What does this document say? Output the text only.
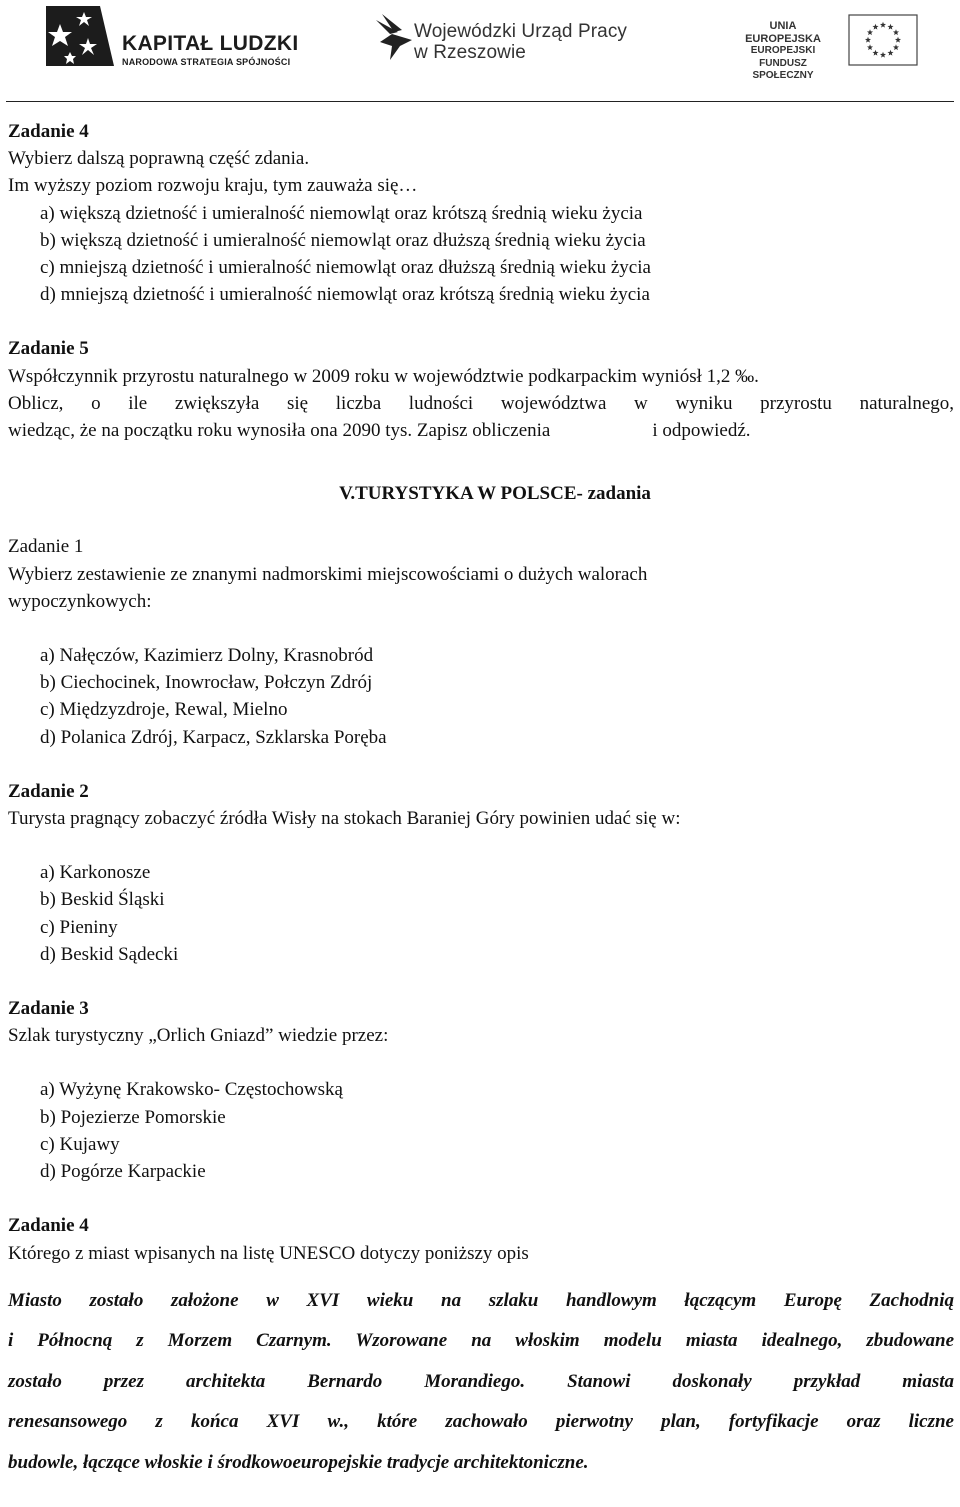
KAPITAŁ LUDZKI
NARODOWA STRATEGIA SPÓJNOŚCI
Wojewódzki Urząd Pracy
w Rzeszowie
UNIA EUROPEJSKA
EUROPEJSKI
FUNDUSZ SPOŁECZNY

Zadanie 4

Wybierz dalszą poprawną część zdania.

Im wyższy poziom rozwoju kraju, tym zauważa się…

a) większą dzietność i umieralność niemowląt oraz krótszą średnią wieku życia

b) większą dzietność i umieralność niemowląt oraz dłuższą średnią wieku życia

c) mniejszą dzietność i umieralność niemowląt oraz dłuższą średnią wieku życia

d) mniejszą dzietność i umieralność niemowląt oraz krótszą średnią wieku życia

Zadanie 5

Współczynnik przyrostu naturalnego w 2009 roku w województwie podkarpackim wyniósł 1,2 ‰.

Oblicz, o ile zwiększyła się liczba ludności województwa w wyniku przyrostu naturalnego,

wiedząc, że na początku roku wynosiła ona 2090 tys. Zapisz obliczenia	i odpowiedź.

V.TURYSTYKA W POLSCE- zadania

Zadanie 1

Wybierz zestawienie ze znanymi nadmorskimi miejscowościami o dużych walorach

wypoczynkowych:

a) Nałęczów, Kazimierz Dolny, Krasnobród

b) Ciechocinek, Inowrocław, Połczyn Zdrój

c) Międzyzdroje, Rewal, Mielno

d) Polanica Zdrój, Karpacz, Szklarska Poręba

Zadanie 2

Turysta pragnący zobaczyć źródła Wisły na stokach Baraniej Góry powinien udać się w:

a) Karkonosze

b) Beskid Śląski

c) Pieniny

d) Beskid Sądecki

Zadanie 3

Szlak turystyczny „Orlich Gniazd” wiedzie przez:

a) Wyżynę Krakowsko- Częstochowską

b) Pojezierze Pomorskie

c) Kujawy

d) Pogórze Karpackie

Zadanie 4

Którego z miast wpisanych na listę UNESCO dotyczy poniższy opis

Miasto zostało założone w XVI wieku na szlaku handlowym łączącym Europę Zachodnią
i Północną z Morzem Czarnym. Wzorowane na włoskim modelu miasta idealnego, zbudowane
zostało przez architekta Bernardo Morandiego. Stanowi doskonały przykład miasta
renesansowego z końca XVI w., które zachowało pierwotny plan, fortyfikacje oraz liczne
budowle, łączące włoskie i środkowoeuropejskie tradycje architektoniczne.
